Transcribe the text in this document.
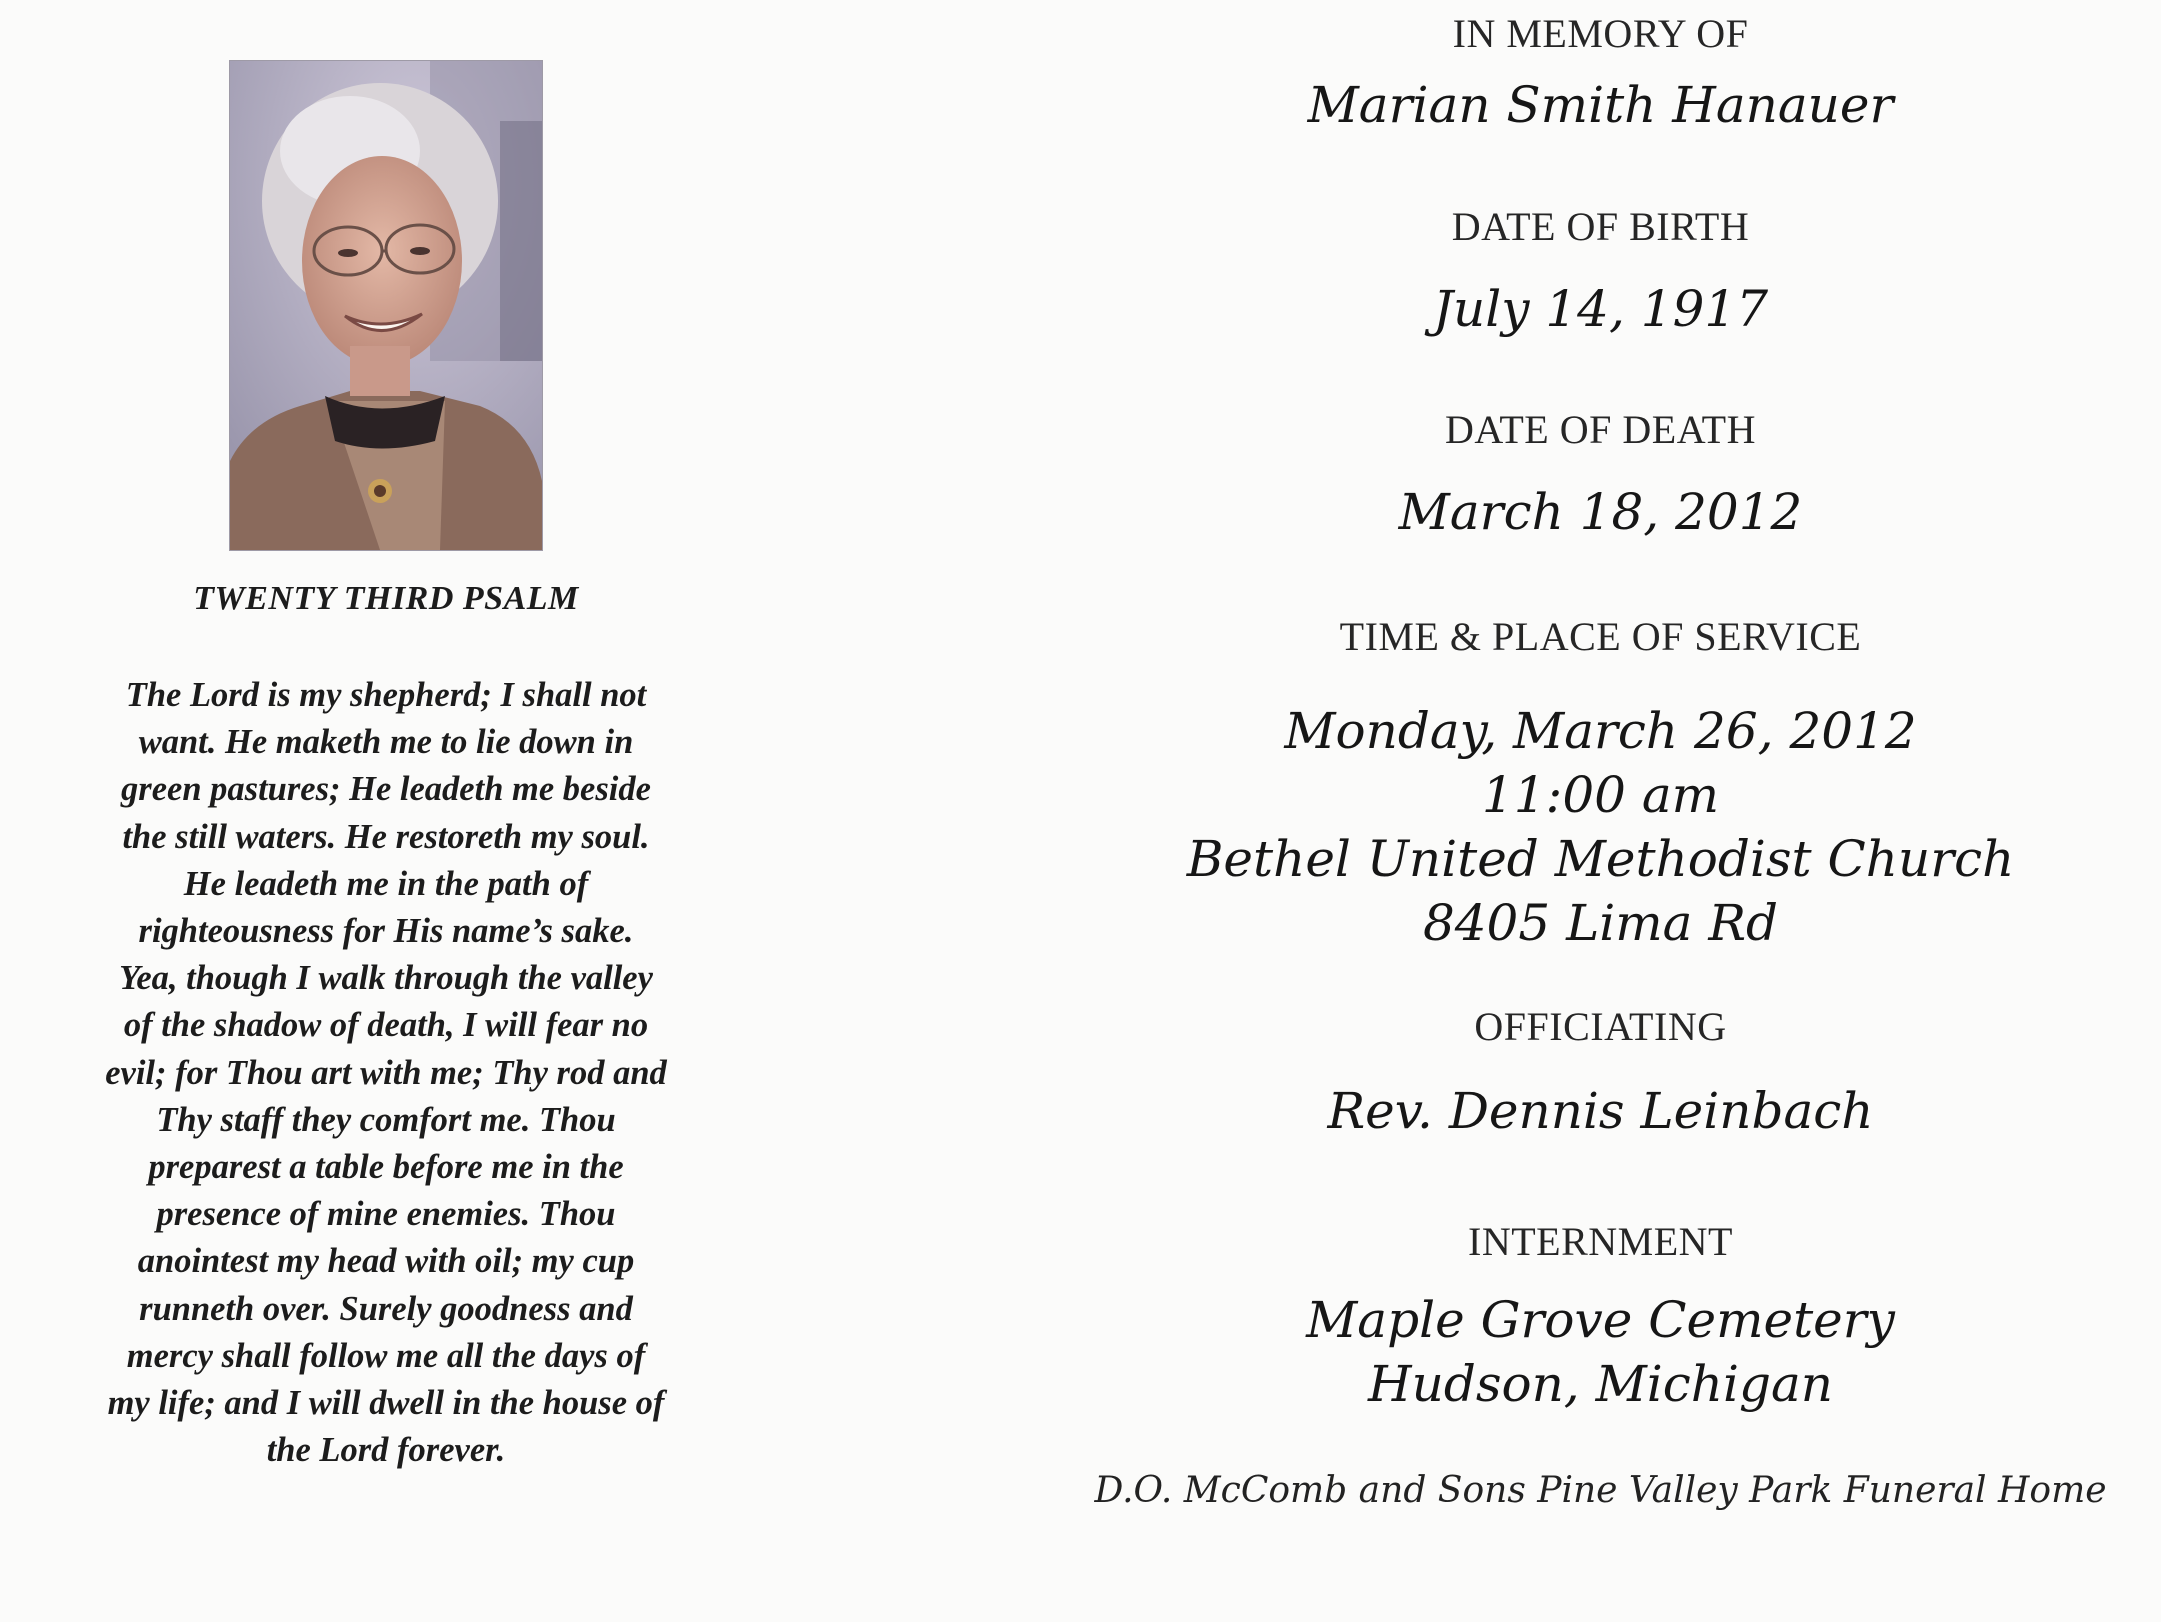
TWENTY THIRD PSALM
The Lord is my shepherd; I shall not
want. He maketh me to lie down in
green pastures; He leadeth me beside
the still waters. He restoreth my soul.
He leadeth me in the path of
righteousness for His name’s sake.
Yea, though I walk through the valley
of the shadow of death, I will fear no
evil; for Thou art with me; Thy rod and
Thy staff they comfort me. Thou
preparest a table before me in the
presence of mine enemies. Thou
anointest my head with oil; my cup
runneth over. Surely goodness and
mercy shall follow me all the days of
my life; and I will dwell in the house of
the Lord forever.
IN MEMORY OF
Marian Smith Hanauer
DATE OF BIRTH
July 14, 1917
DATE OF DEATH
March 18, 2012
TIME & PLACE OF SERVICE
Monday, March 26, 2012
11:00 am
Bethel United Methodist Church
8405 Lima Rd
OFFICIATING
Rev. Dennis Leinbach
INTERNMENT
Maple Grove Cemetery
Hudson, Michigan
D.O. McComb and Sons Pine Valley Park Funeral Home
